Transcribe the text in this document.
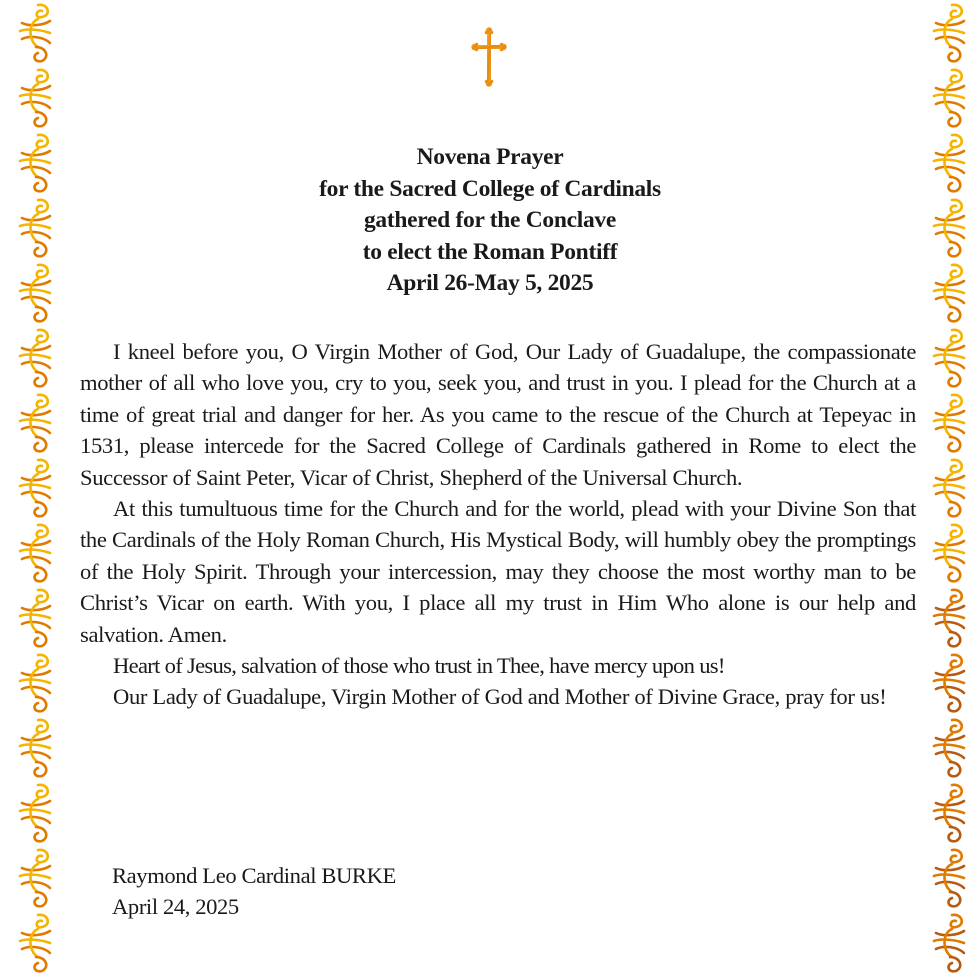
Novena Prayer
for the Sacred College of Cardinals
gathered for the Conclave
to elect the Roman Pontiff
April 26-May 5, 2025

I kneel before you, O Virgin Mother of God, Our Lady of Guadalupe, the compassionate mother of all who love you, cry to you, seek you, and trust in you. I plead for the Church at a time of great trial and danger for her. As you came to the rescue of the Church at Tepeyac in 1531, please intercede for the Sacred College of Cardinals gathered in Rome to elect the Successor of Saint Peter, Vicar of Christ, Shepherd of the Universal Church.

At this tumultuous time for the Church and for the world, plead with your Divine Son that the Cardinals of the Holy Roman Church, His Mystical Body, will humbly obey the promptings of the Holy Spirit. Through your intercession, may they choose the most worthy man to be Christ’s Vicar on earth. With you, I place all my trust in Him Who alone is our help and salvation. Amen.

Heart of Jesus, salvation of those who trust in Thee, have mercy upon us!

Our Lady of Guadalupe, Virgin Mother of God and Mother of Divine Grace, pray for us!

Raymond Leo Cardinal BURKE
April 24, 2025
